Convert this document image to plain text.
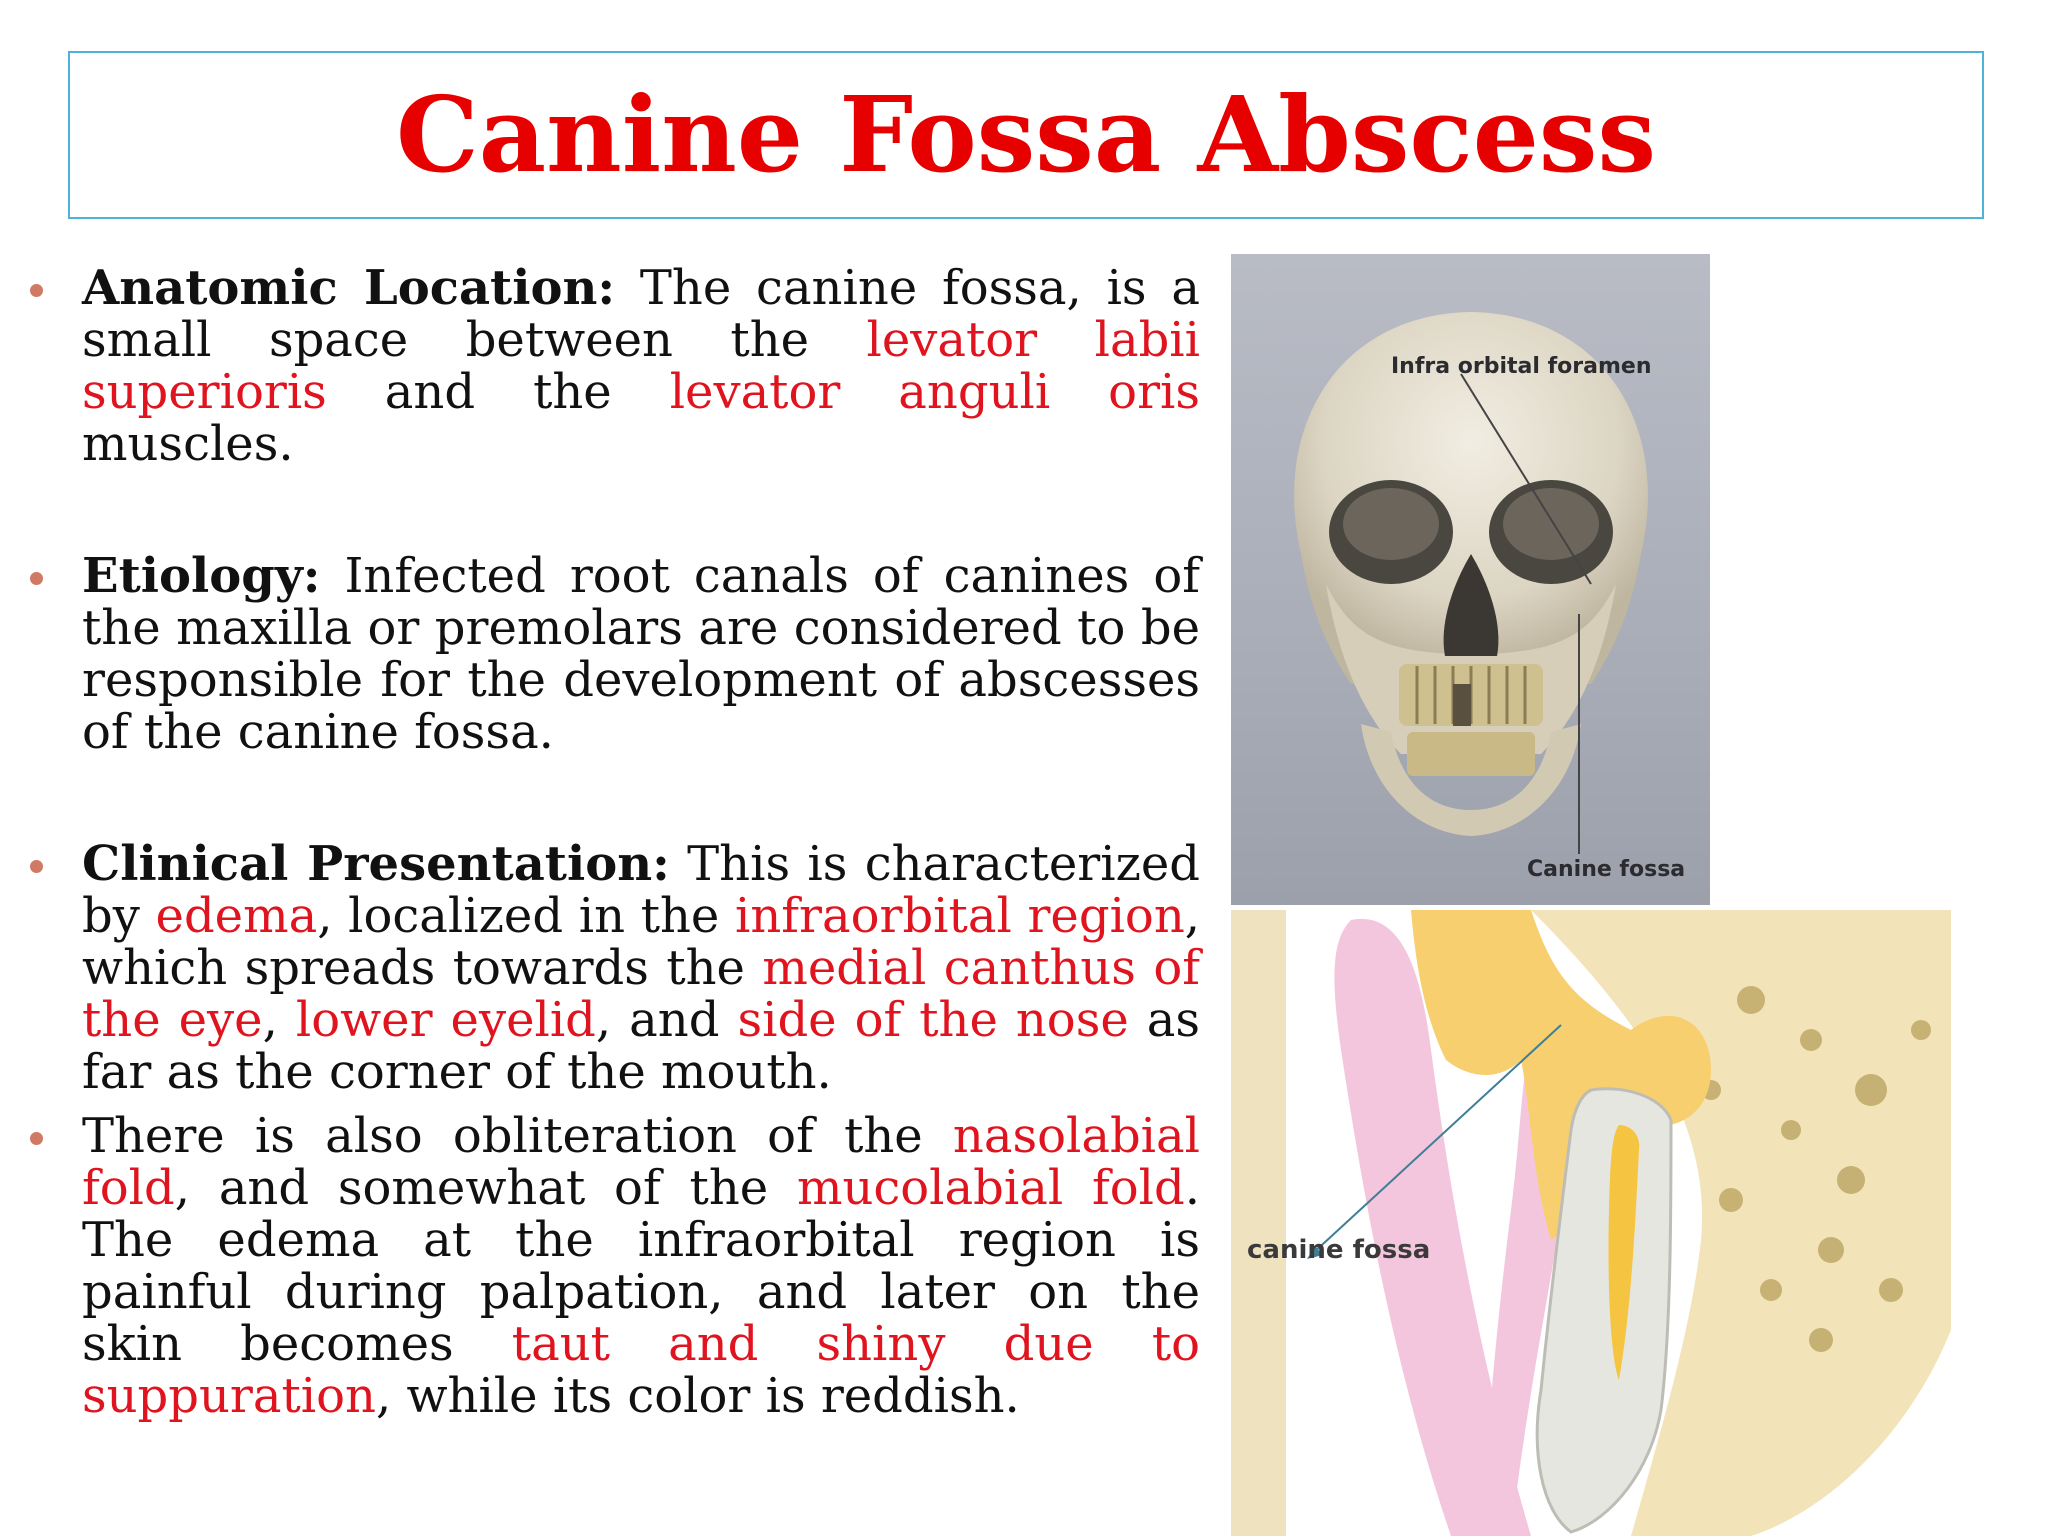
Canine Fossa Abscess
Anatomic Location: The canine fossa, is a small space between the levator labii superioris and the levator anguli oris muscles.
Etiology: Infected root canals of canines of the maxilla or premolars are considered to be responsible for the development of abscesses of the canine fossa.
Clinical Presentation: This is characterized by edema, localized in the infraorbital region, which spreads towards the medial canthus of the eye, lower eyelid, and side of the nose as far as the corner of the mouth.
There is also obliteration of the nasolabial fold, and somewhat of the mucolabial fold. The edema at the infraorbital region is painful during palpation, and later on the skin becomes taut and shiny due to suppuration, while its color is reddish.
Infra orbital foramen
Canine fossa
canine fossa
